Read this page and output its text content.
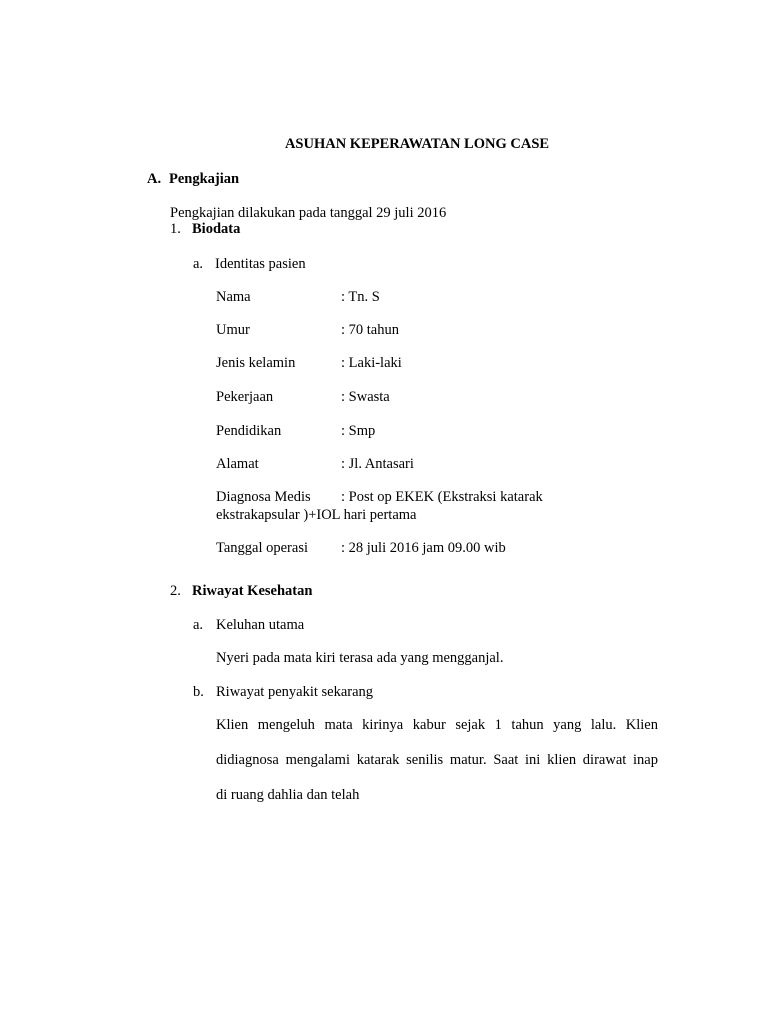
ASUHAN KEPERAWATAN LONG CASE
A. Pengkajian
Pengkajian dilakukan pada tanggal 29 juli 2016
1. Biodata
a. Identitas pasien
Nama	: Tn. S
Umur	: 70 tahun
Jenis kelamin	: Laki-laki
Pekerjaan	: Swasta
Pendidikan	: Smp
Alamat	: Jl. Antasari
Diagnosa Medis : Post op EKEK (Ekstraksi katarak
ekstrakapsular )+IOL hari pertama
Tanggal operasi : 28 juli 2016 jam 09.00 wib
2. Riwayat Kesehatan
a. Keluhan utama
Nyeri pada mata kiri terasa ada yang mengganjal.
b. Riwayat penyakit sekarang
Klien mengeluh mata kirinya kabur sejak 1 tahun yang lalu. Klien
didiagnosa mengalami katarak senilis matur. Saat ini klien dirawat inap
di ruang dahlia dan telah
